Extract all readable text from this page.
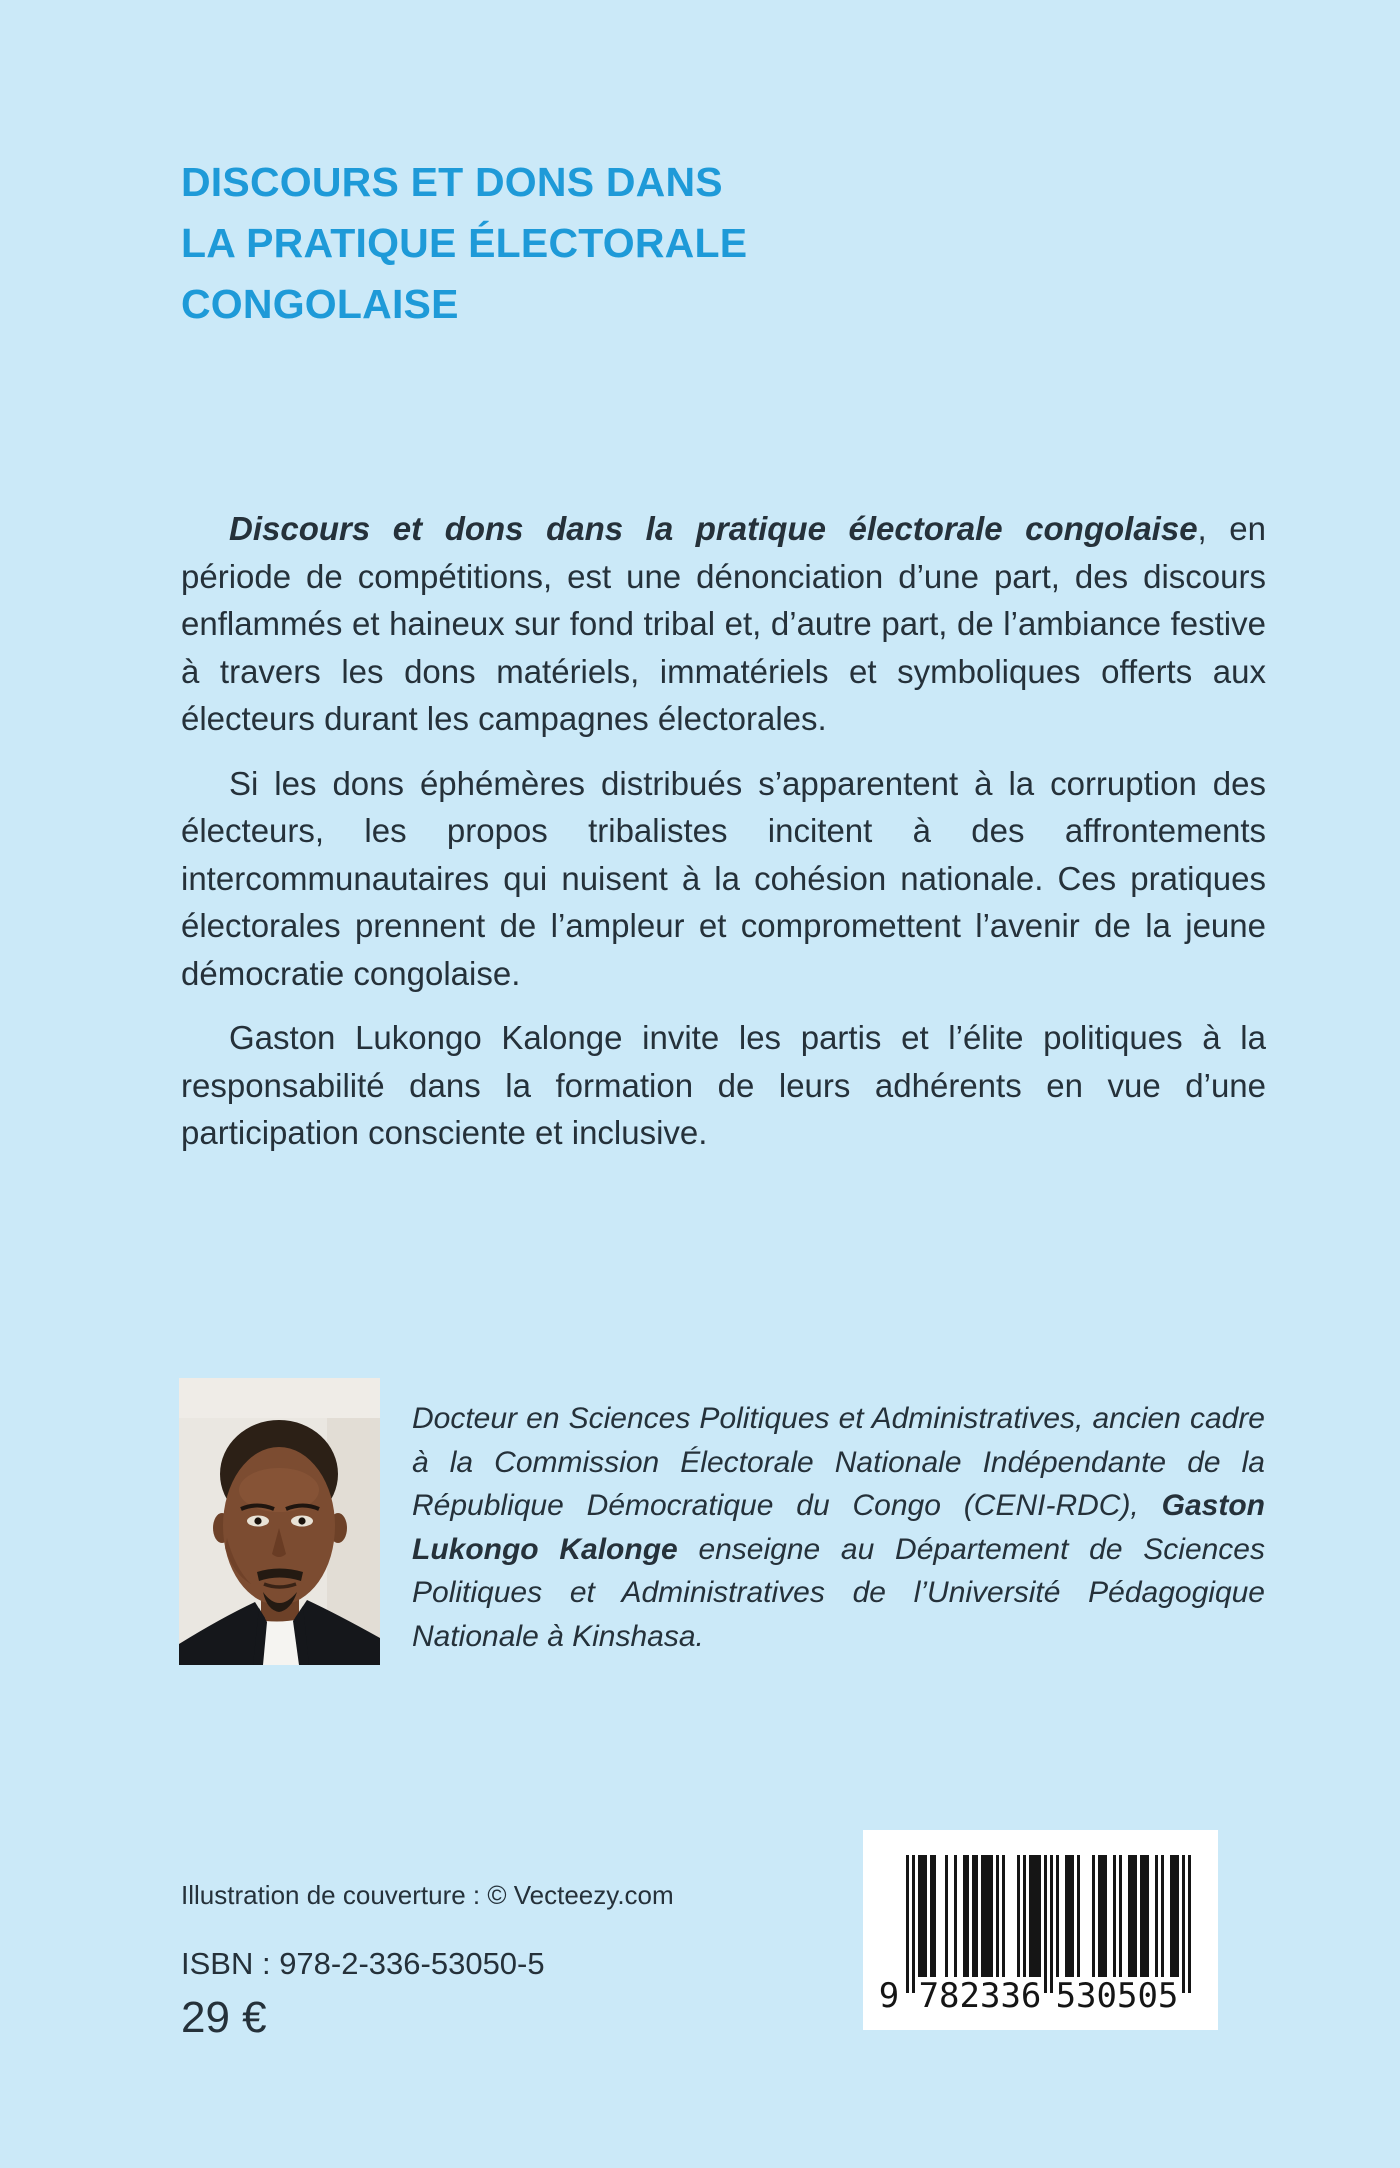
DISCOURS ET DONS DANS
LA PRATIQUE ÉLECTORALE
CONGOLAISE

Discours et dons dans la pratique électorale congolaise, en période de compétitions, est une dénonciation d’une part, des discours enflammés et haineux sur fond tribal et, d’autre part, de l’ambiance festive à travers les dons matériels, immatériels et symboliques offerts aux électeurs durant les campagnes électorales.

Si les dons éphémères distribués s’apparentent à la corruption des électeurs, les propos tribalistes incitent à des affrontements intercommunautaires qui nuisent à la cohésion nationale. Ces pratiques électorales prennent de l’ampleur et compromettent l’avenir de la jeune démocratie congolaise.

Gaston Lukongo Kalonge invite les partis et l’élite politiques à la responsabilité dans la formation de leurs adhérents en vue d’une participation consciente et inclusive.

Docteur en Sciences Politiques et Administratives, ancien cadre à la Commission Électorale Nationale Indépendante de la République Démocratique du Congo (CENI-RDC), Gaston Lukongo Kalonge enseigne au Département de Sciences Politiques et Administratives de l’Université Pédagogique Nationale à Kinshasa.

Illustration de couverture : © Vecteezy.com
ISBN : 978-2-336-53050-5
29 €	9 782336 530505
